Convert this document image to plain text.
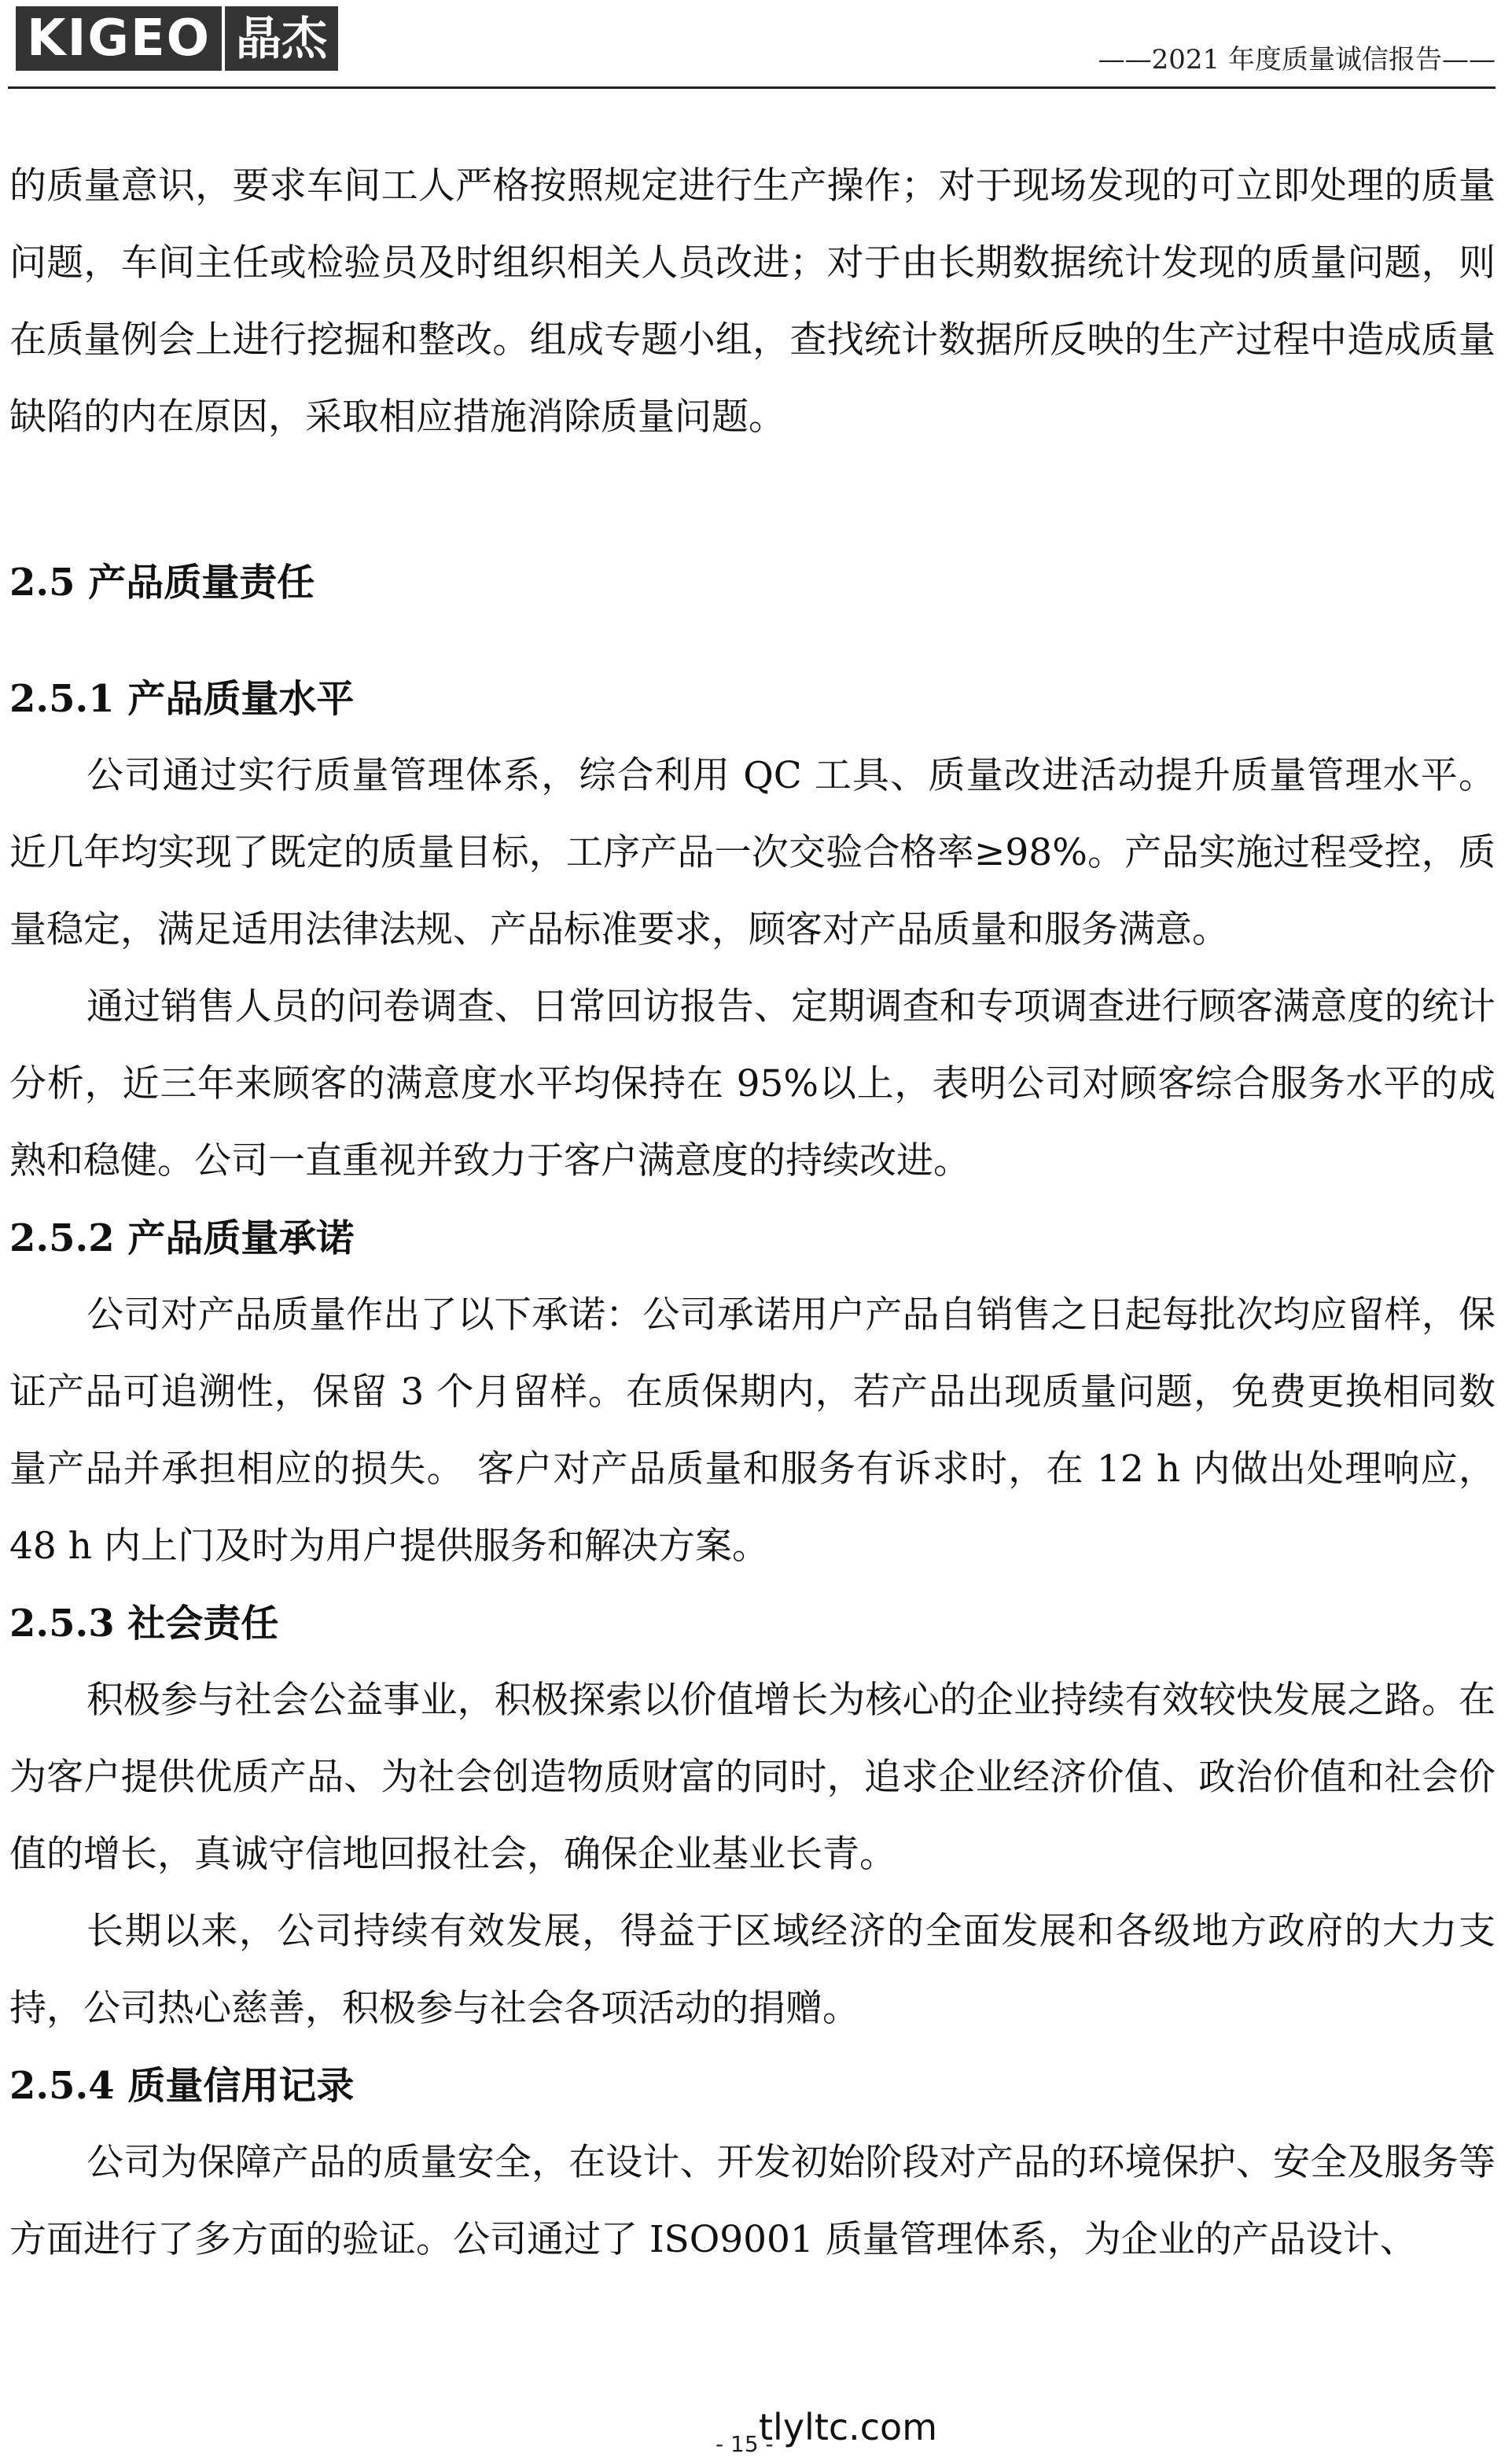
KIGEO 晶杰	——2021 年度质量诚信报告——

的质量意识，要求车间工人严格按照规定进行生产操作；对于现场发现的可立即处理的质量问题，车间主任或检验员及时组织相关人员改进；对于由长期数据统计发现的质量问题，则在质量例会上进行挖掘和整改。组成专题小组，查找统计数据所反映的生产过程中造成质量缺陷的内在原因，采取相应措施消除质量问题。

2.5 产品质量责任

2.5.1 产品质量水平

公司通过实行质量管理体系，综合利用 QC 工具、质量改进活动提升质量管理水平。近几年均实现了既定的质量目标，工序产品一次交验合格率≥98%。产品实施过程受控，质量稳定，满足适用法律法规、产品标准要求，顾客对产品质量和服务满意。

通过销售人员的问卷调查、日常回访报告、定期调查和专项调查进行顾客满意度的统计分析，近三年来顾客的满意度水平均保持在 95%以上，表明公司对顾客综合服务水平的成熟和稳健。公司一直重视并致力于客户满意度的持续改进。

2.5.2 产品质量承诺

公司对产品质量作出了以下承诺：公司承诺用户产品自销售之日起每批次均应留样，保证产品可追溯性，保留 3 个月留样。在质保期内，若产品出现质量问题，免费更换相同数量产品并承担相应的损失。 客户对产品质量和服务有诉求时，在 12 h 内做出处理响应，48 h 内上门及时为用户提供服务和解决方案。

2.5.3 社会责任

积极参与社会公益事业，积极探索以价值增长为核心的企业持续有效较快发展之路。在为客户提供优质产品、为社会创造物质财富的同时，追求企业经济价值、政治价值和社会价值的增长，真诚守信地回报社会，确保企业基业长青。

长期以来，公司持续有效发展，得益于区域经济的全面发展和各级地方政府的大力支持，公司热心慈善，积极参与社会各项活动的捐赠。

2.5.4 质量信用记录

公司为保障产品的质量安全，在设计、开发初始阶段对产品的环境保护、安全及服务等方面进行了多方面的验证。公司通过了 ISO9001 质量管理体系，为企业的产品设计、

- 15 -
tlyltc.com
